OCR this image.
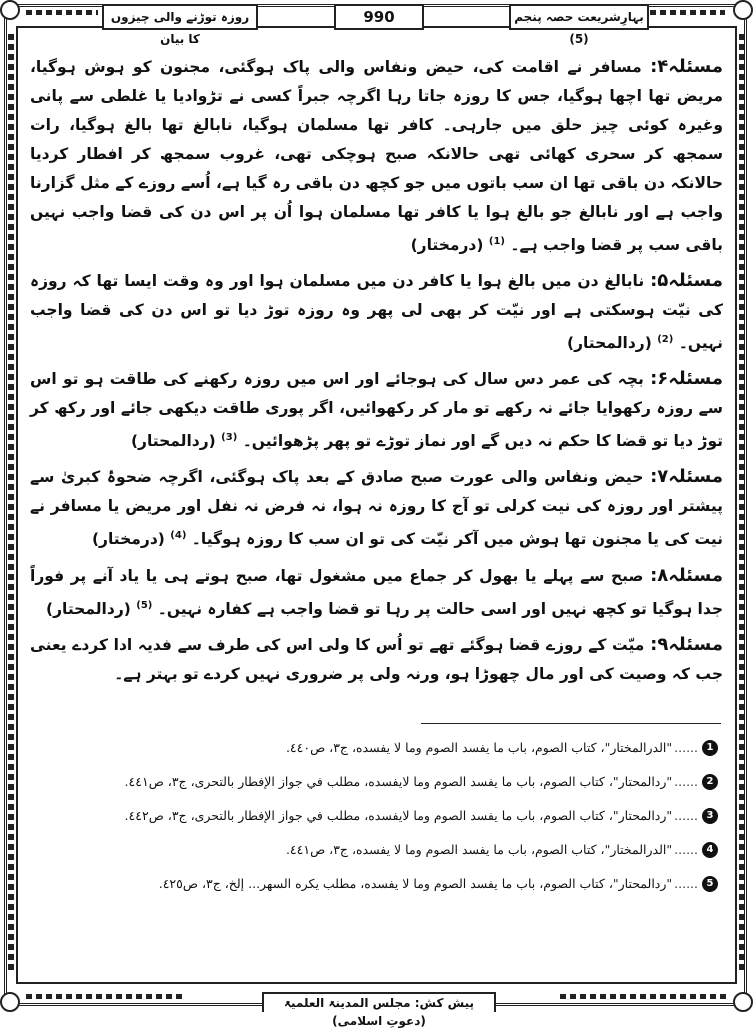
بہارِشریعت حصہ پنجم (5)
990
روزہ توڑنے والی چیزوں کا بیان

مسئلہ۴: مسافر نے اقامت کی، حیض ونفاس والی پاک ہوگئی، مجنون کو ہوش ہوگیا، مریض تھا اچھا ہوگیا، جس کا روزہ جاتا رہا اگرچہ جبراً کسی نے تڑوادیا یا غلطی سے پانی وغیرہ کوئی چیز حلق میں جارہی۔ کافر تھا مسلمان ہوگیا، نابالغ تھا بالغ ہوگیا، رات سمجھ کر سحری کھائی تھی حالانکہ صبح ہوچکی تھی، غروب سمجھ کر افطار کردیا حالانکہ دن باقی تھا ان سب باتوں میں جو کچھ دن باقی رہ گیا ہے، اُسے روزے کے مثل گزارنا واجب ہے اور نابالغ جو بالغ ہوا یا کافر تھا مسلمان ہوا اُن پر اس دن کی قضا واجب نہیں باقی سب پر قضا واجب ہے۔ $^{(1)}$ (درمختار)

مسئلہ۵: نابالغ دن میں بالغ ہوا یا کافر دن میں مسلمان ہوا اور وہ وقت ایسا تھا کہ روزہ کی نیّت ہوسکتی ہے اور نیّت کر بھی لی پھر وہ روزہ توڑ دیا تو اس دن کی قضا واجب نہیں۔ $^{(2)}$ (ردالمحتار)

مسئلہ۶: بچہ کی عمر دس سال کی ہوجائے اور اس میں روزہ رکھنے کی طاقت ہو تو اس سے روزہ رکھوایا جائے نہ رکھے تو مار کر رکھوائیں، اگر پوری طاقت دیکھی جائے اور رکھ کر توڑ دیا تو قضا کا حکم نہ دیں گے اور نماز توڑے تو پھر پڑھوائیں۔ $^{(3)}$ (ردالمحتار)

مسئلہ۷: حیض ونفاس والی عورت صبح صادق کے بعد پاک ہوگئی، اگرچہ ضحوۂ کبریٰ سے پیشتر اور روزہ کی نیت کرلی تو آج کا روزہ نہ ہوا، نہ فرض نہ نفل اور مریض یا مسافر نے نیت کی یا مجنون تھا ہوش میں آکر نیّت کی تو ان سب کا روزہ ہوگیا۔ $^{(4)}$ (درمختار)

مسئلہ۸: صبح سے پہلے یا بھول کر جماع میں مشغول تھا، صبح ہوتے ہی یا یاد آنے پر فوراً جدا ہوگیا تو کچھ نہیں اور اسی حالت پر رہا تو قضا واجب ہے کفارہ نہیں۔ $^{(5)}$ (ردالمحتار)

مسئلہ۹: میّت کے روزے قضا ہوگئے تھے تو اُس کا ولی اس کی طرف سے فدیہ ادا کردے یعنی جب کہ وصیت کی اور مال چھوڑا ہو، ورنہ ولی پر ضروری نہیں کردے تو بہتر ہے۔

1
......
"الدرالمختار"، كتاب الصوم، باب ما يفسد الصوم وما لا يفسده، ج٣، ص٤٤٠.
2
......
"ردالمحتار"، كتاب الصوم، باب ما يفسد الصوم وما لايفسده، مطلب في جواز الإفطار بالتحرى، ج٣، ص٤٤١.
3
......
"ردالمحتار"، كتاب الصوم، باب ما يفسد الصوم وما لايفسده، مطلب في جواز الإفطار بالتحرى، ج٣، ص٤٤٢.
4
......
"الدرالمختار"، كتاب الصوم، باب ما يفسد الصوم وما لا يفسده، ج٣، ص٤٤١.
5
......
"ردالمحتار"، كتاب الصوم، باب ما يفسد الصوم وما لا يفسده، مطلب يكره السهر... إلخ، ج٣، ص٤٢٥.
پیش کش: مجلس المدینۃ العلمیۃ (دعوتِ اسلامی)
